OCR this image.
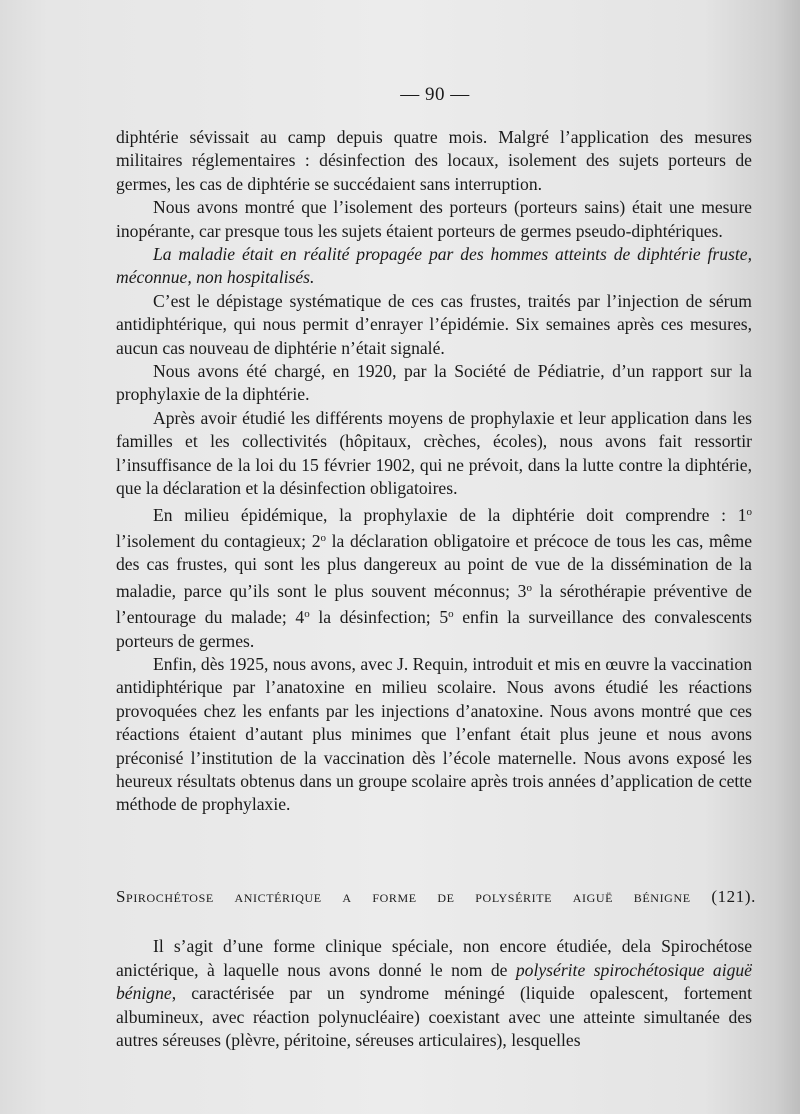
— 90 —

diphtérie sévissait au camp depuis quatre mois. Malgré l’application des mesures militaires réglementaires : désinfection des locaux, isolement des sujets porteurs de germes, les cas de diphtérie se succédaient sans interruption.

Nous avons montré que l’isolement des porteurs (porteurs sains) était une mesure inopérante, car presque tous les sujets étaient porteurs de germes pseudo-diphtériques.

La maladie était en réalité propagée par des hommes atteints de diphtérie fruste, méconnue, non hospitalisés.

C’est le dépistage systématique de ces cas frustes, traités par l’injection de sérum antidiphtérique, qui nous permit d’enrayer l’épidémie. Six semaines après ces mesures, aucun cas nouveau de diphtérie n’était signalé.

Nous avons été chargé, en 1920, par la Société de Pédiatrie, d’un rapport sur la prophylaxie de la diphtérie.

Après avoir étudié les différents moyens de prophylaxie et leur application dans les familles et les collectivités (hôpitaux, crèches, écoles), nous avons fait ressortir l’insuffisance de la loi du 15 février 1902, qui ne prévoit, dans la lutte contre la diphtérie, que la déclaration et la désinfection obligatoires.

En milieu épidémique, la prophylaxie de la diphtérie doit comprendre : 1$^o$ l’isolement du contagieux; 2$^o$ la déclaration obligatoire et précoce de tous les cas, même des cas frustes, qui sont les plus dangereux au point de vue de la dissémination de la maladie, parce qu’ils sont le plus souvent méconnus; 3$^o$ la sérothérapie préventive de l’entourage du malade; 4$^o$ la désinfection; 5$^o$ enfin la surveillance des convalescents porteurs de germes.

Enfin, dès 1925, nous avons, avec J. Requin, introduit et mis en œuvre la vaccination antidiphtérique par l’anatoxine en milieu scolaire. Nous avons étudié les réactions provoquées chez les enfants par les injections d’anatoxine. Nous avons montré que ces réactions étaient d’autant plus minimes que l’enfant était plus jeune et nous avons préconisé l’institution de la vaccination dès l’école maternelle. Nous avons exposé les heureux résultats obtenus dans un groupe scolaire après trois années d’application de cette méthode de prophylaxie.

Spirochétose anictérique a forme de polysérite aiguë bénigne (121).

Il s’agit d’une forme clinique spéciale, non encore étudiée, dela Spirochétose anictérique, à laquelle nous avons donné le nom de polysérite spirochétosique aiguë bénigne, caractérisée par un syndrome méningé (liquide opalescent, fortement albumineux, avec réaction polynucléaire) coexistant avec une atteinte simultanée des autres séreuses (plèvre, péritoine, séreuses articulaires), lesquelles
